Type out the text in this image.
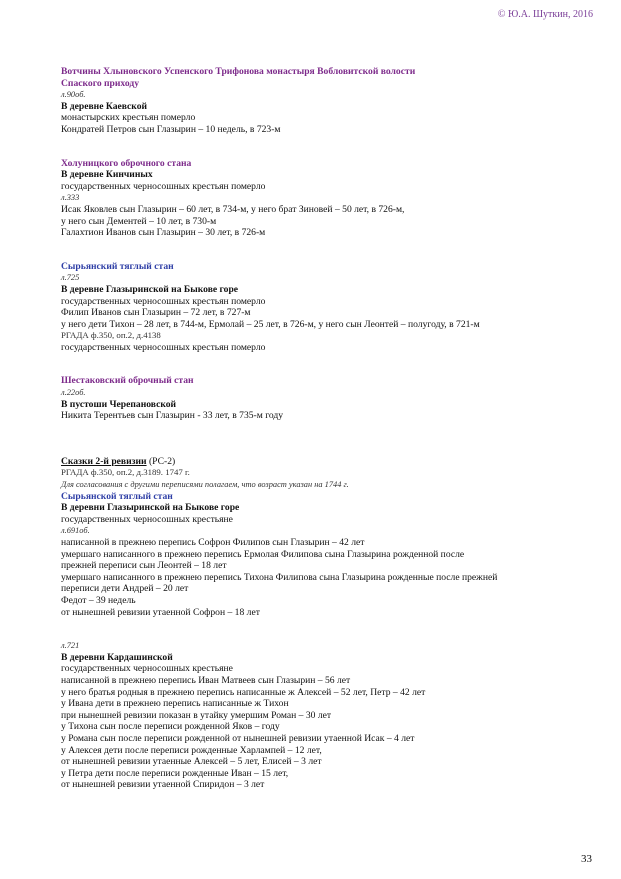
© Ю.А. Шуткин, 2016
Вотчины Хлыновского Успенского Трифонова монастыря Вобловитской волости
Спаского приходу
л.90об.
В деревне Каевской
монастырских крестьян померло
Кондратей Петров сын Глазырин – 10 недель, в 723-м
Холуницкого оброчного стана
В деревне Кинчиных
государственных черносошных крестьян померло
л.333
Исак Яковлев сын Глазырин – 60 лет, в 734-м, у него брат Зиновей – 50 лет, в 726-м,
у него сын Дементей – 10 лет, в 730-м
Галахтион Иванов сын Глазырин – 30 лет, в 726-м
Сырьянский тяглый стан
л.725
В деревне Глазыринской на Быкове горе
государственных черносошных крестьян померло
Филип Иванов сын Глазырин – 72 лет, в 727-м
у него дети Тихон – 28 лет, в 744-м, Ермолай – 25 лет, в 726-м, у него сын Леонтей – полугоду, в 721-м
РГАДА ф.350, оп.2, д.4138
государственных черносошных крестьян померло
Шестаковский оброчный стан
л.22об.
В пустоши Черепановской
Никита Терентьев сын Глазырин - 33 лет, в 735-м году
Сказки 2-й ревизии (РС-2)
РГАДА ф.350, оп.2, д.3189. 1747 г.
Для согласования с другими переписями полагаем, что возраст указан на 1744 г.
Сырьянской тяглый стан
В деревни Глазыринской на Быкове горе
государственных черносошных крестьяне
л.691об.
написанной в прежнею перепись Софрон Филипов сын Глазырин – 42 лет
умершаго написанного в прежнею перепись Ермолая Филипова сына Глазырина рожденной после
прежней переписи сын Леонтей – 18 лет
умершаго написанного в прежнею перепись Тихона Филипова сына Глазырина рожденные после прежней
переписи дети Андрей – 20 лет
Федот – 39 недель
от нынешней ревизии утаенной Софрон – 18 лет
л.721
В деревни Кардашинской
государственных черносошных крестьяне
написанной в прежнею перепись Иван Матвеев сын Глазырин – 56 лет
у него братья родныя в прежнею перепись написанные ж Алексей – 52 лет, Петр – 42 лет
у Ивана дети в прежнею перепись написанные ж Тихон
при нынешней ревизии показан в утайку умершим Роман – 30 лет
у Тихона сын после переписи рожденной Яков – году
у Романа сын после переписи рожденной от нынешней ревизии утаенной Исак – 4 лет
у Алексея дети после переписи рожденные Харлампей – 12 лет,
от нынешней ревизии утаенные Алексей – 5 лет, Елисей – 3 лет
у Петра дети после переписи рожденные Иван – 15 лет,
от нынешней ревизии утаенной Спиридон – 3 лет
33
